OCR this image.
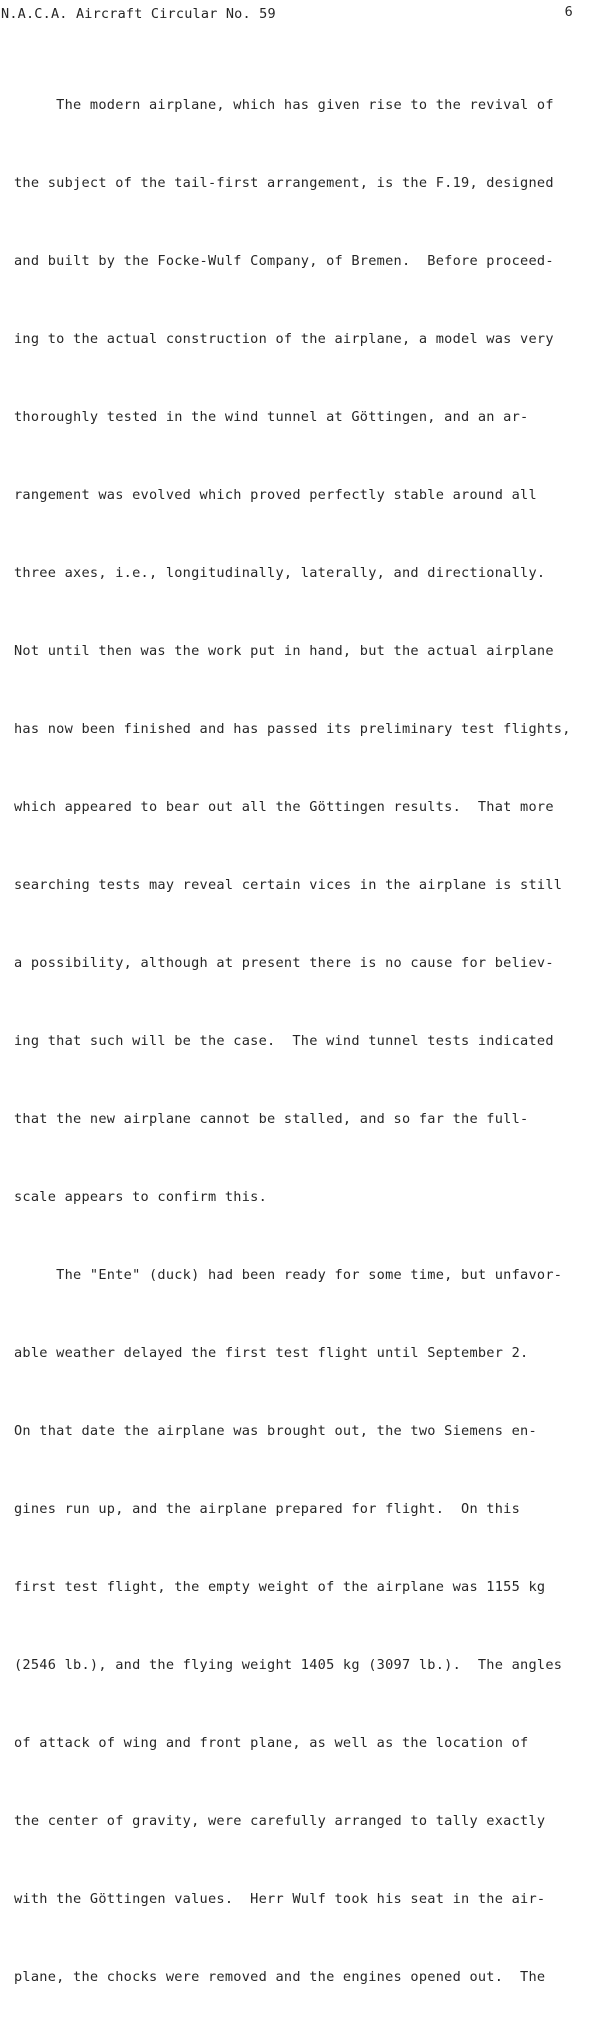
N.A.C.A. Aircraft Circular No. 59	6

The modern airplane, which has given rise to the revival of

the subject of the tail-first arrangement, is the F.19, designed

and built by the Focke-Wulf Company, of Bremen.  Before proceed-

ing to the actual construction of the airplane, a model was very

thoroughly tested in the wind tunnel at Göttingen, and an ar-

rangement was evolved which proved perfectly stable around all

three axes, i.e., longitudinally, laterally, and directionally.

Not until then was the work put in hand, but the actual airplane

has now been finished and has passed its preliminary test flights,

which appeared to bear out all the Göttingen results.  That more

searching tests may reveal certain vices in the airplane is still

a possibility, although at present there is no cause for believ-

ing that such will be the case.  The wind tunnel tests indicated

that the new airplane cannot be stalled, and so far the full-

scale appears to confirm this.

The "Ente" (duck) had been ready for some time, but unfavor-

able weather delayed the first test flight until September 2.

On that date the airplane was brought out, the two Siemens en-

gines run up, and the airplane prepared for flight.  On this

first test flight, the empty weight of the airplane was 1155 kg

(2546 lb.), and the flying weight 1405 kg (3097 lb.).  The angles

of attack of wing and front plane, as well as the location of

the center of gravity, were carefully arranged to tally exactly

with the Göttingen values.  Herr Wulf took his seat in the air-

plane, the chocks were removed and the engines opened out.  The
